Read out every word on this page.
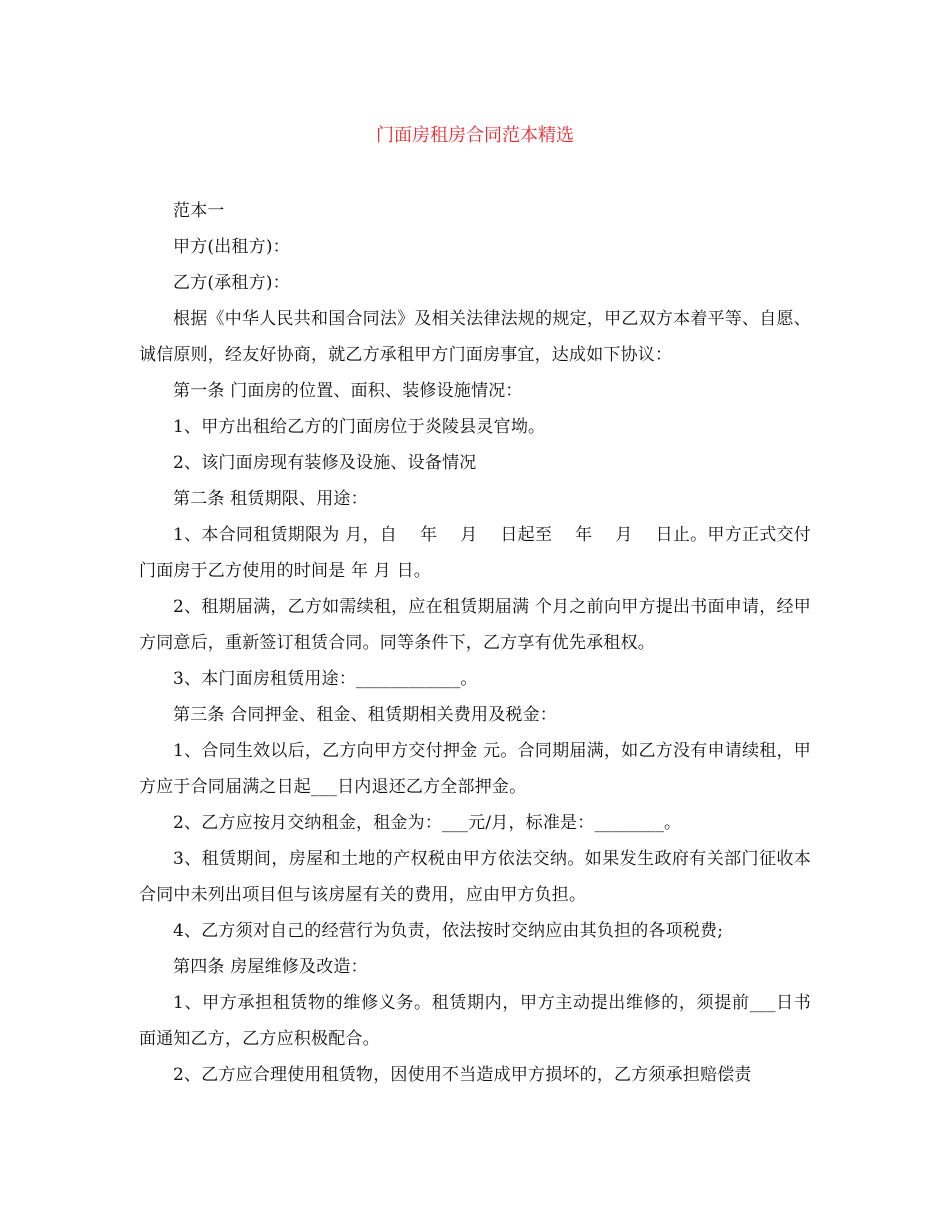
门面房租房合同范本精选

范本一

甲方(出租方)：

乙方(承租方)：

根据《中华人民共和国合同法》及相关法律法规的规定，甲乙双方本着平等、自愿、诚信原则，经友好协商，就乙方承租甲方门面房事宜，达成如下协议：

第一条 门面房的位置、面积、装修设施情况：

1、甲方出租给乙方的门面房位于炎陵县灵官坳。

2、该门面房现有装修及设施、设备情况

第二条 租赁期限、用途：

1、本合同租赁期限为 月，自　 年　 月　 日起至　 年　 月　 日止。甲方正式交付门面房于乙方使用的时间是 年 月 日。

2、租期届满，乙方如需续租，应在租赁期届满 个月之前向甲方提出书面申请，经甲方同意后，重新签订租赁合同。同等条件下，乙方享有优先承租权。

3、本门面房租赁用途：____________。

第三条 合同押金、租金、租赁期相关费用及税金：

1、合同生效以后，乙方向甲方交付押金 元。合同期届满，如乙方没有申请续租，甲方应于合同届满之日起___日内退还乙方全部押金。

2、乙方应按月交纳租金，租金为：___元/月，标准是：________。

3、租赁期间，房屋和土地的产权税由甲方依法交纳。如果发生政府有关部门征收本合同中未列出项目但与该房屋有关的费用，应由甲方负担。

4、乙方须对自己的经营行为负责，依法按时交纳应由其负担的各项税费;

第四条 房屋维修及改造：

1、甲方承担租赁物的维修义务。租赁期内，甲方主动提出维修的，须提前___日书面通知乙方，乙方应积极配合。

2、乙方应合理使用租赁物，因使用不当造成甲方损坏的，乙方须承担赔偿责
